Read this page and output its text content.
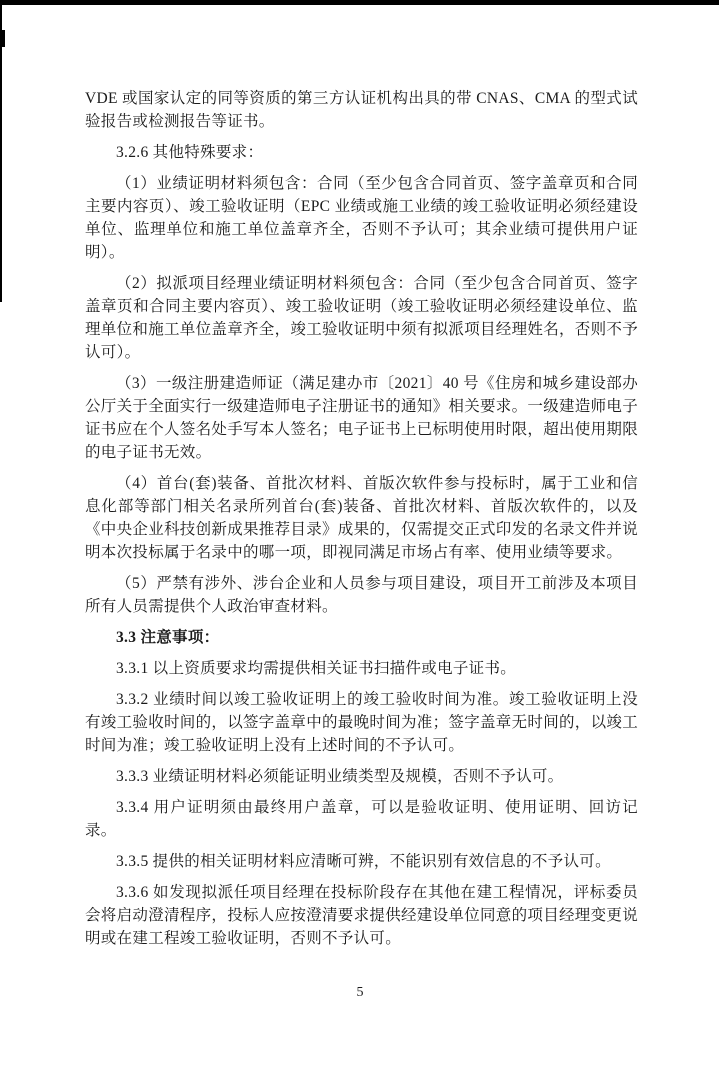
VDE 或国家认定的同等资质的第三方认证机构出具的带 CNAS、CMA 的型式试验报告或检测报告等证书。

3.2.6 其他特殊要求：

（1）业绩证明材料须包含：合同（至少包含合同首页、签字盖章页和合同主要内容页）、竣工验收证明（EPC 业绩或施工业绩的竣工验收证明必须经建设单位、监理单位和施工单位盖章齐全，否则不予认可；其余业绩可提供用户证明）。

（2）拟派项目经理业绩证明材料须包含：合同（至少包含合同首页、签字盖章页和合同主要内容页）、竣工验收证明（竣工验收证明必须经建设单位、监理单位和施工单位盖章齐全，竣工验收证明中须有拟派项目经理姓名，否则不予认可）。

（3）一级注册建造师证（满足建办市〔2021〕40 号《住房和城乡建设部办公厅关于全面实行一级建造师电子注册证书的通知》相关要求。一级建造师电子证书应在个人签名处手写本人签名；电子证书上已标明使用时限，超出使用期限的电子证书无效。

（4）首台(套)装备、首批次材料、首版次软件参与投标时，属于工业和信息化部等部门相关名录所列首台(套)装备、首批次材料、首版次软件的，以及《中央企业科技创新成果推荐目录》成果的，仅需提交正式印发的名录文件并说明本次投标属于名录中的哪一项，即视同满足市场占有率、使用业绩等要求。

（5）严禁有涉外、涉台企业和人员参与项目建设，项目开工前涉及本项目所有人员需提供个人政治审查材料。

3.3 注意事项：

3.3.1 以上资质要求均需提供相关证书扫描件或电子证书。

3.3.2 业绩时间以竣工验收证明上的竣工验收时间为准。竣工验收证明上没有竣工验收时间的，以签字盖章中的最晚时间为准；签字盖章无时间的，以竣工时间为准；竣工验收证明上没有上述时间的不予认可。

3.3.3 业绩证明材料必须能证明业绩类型及规模，否则不予认可。

3.3.4 用户证明须由最终用户盖章，可以是验收证明、使用证明、回访记录。

3.3.5 提供的相关证明材料应清晰可辨，不能识别有效信息的不予认可。

3.3.6 如发现拟派任项目经理在投标阶段存在其他在建工程情况，评标委员会将启动澄清程序，投标人应按澄清要求提供经建设单位同意的项目经理变更说明或在建工程竣工验收证明，否则不予认可。

5
